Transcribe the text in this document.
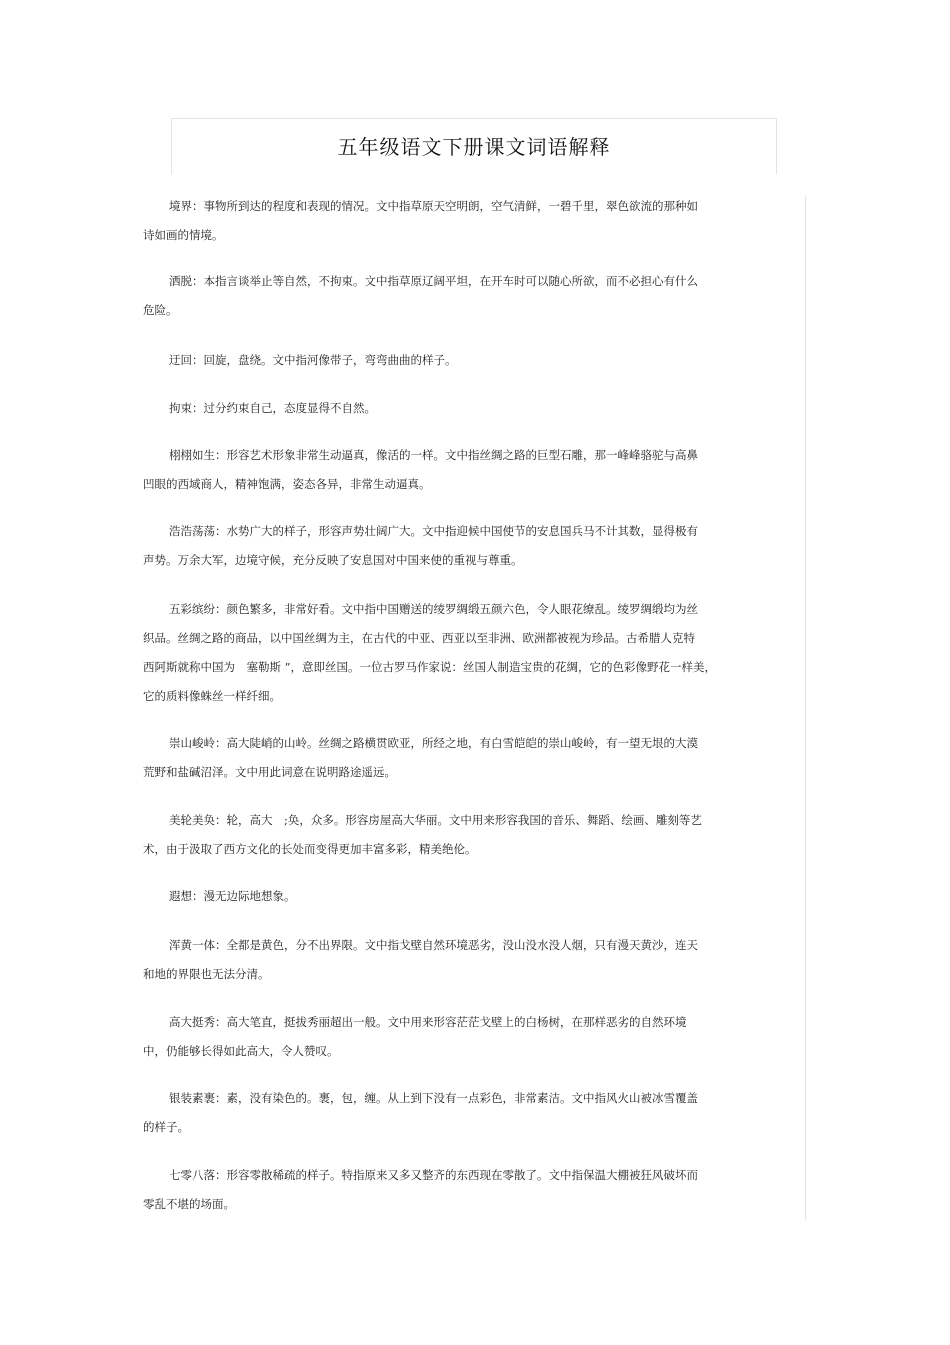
五年级语文下册课文词语解释
境界：事物所到达的程度和表现的情况。文中指草原天空明朗，空气清鲜，一碧千里，翠色欲流的那种如
诗如画的情境。
洒脱：本指言谈举止等自然，不拘束。文中指草原辽阔平坦，在开车时可以随心所欲，而不必担心有什么
危险。
迂回：回旋，盘绕。文中指河像带子，弯弯曲曲的样子。
拘束：过分约束自己，态度显得不自然。
栩栩如生：形容艺术形象非常生动逼真，像活的一样。文中指丝绸之路的巨型石雕，那一峰峰骆驼与高鼻
凹眼的西域商人，精神饱满，姿态各异，非常生动逼真。
浩浩荡荡：水势广大的样子，形容声势壮阔广大。文中指迎候中国使节的安息国兵马不计其数，显得极有
声势。万余大军，边境守候，充分反映了安息国对中国来使的重视与尊重。
五彩缤纷：颜色繁多，非常好看。文中指中国赠送的绫罗绸缎五颜六色，令人眼花缭乱。绫罗绸缎均为丝
织品。丝绸之路的商品，以中国丝绸为主，在古代的中亚、西亚以至非洲、欧洲都被视为珍品。古希腊人克特
西阿斯就称中国为　塞勒斯 ”，意即丝国。一位古罗马作家说：丝国人制造宝贵的花绸，它的色彩像野花一样美，
它的质料像蛛丝一样纤细。
崇山峻岭：高大陡峭的山岭。丝绸之路横贯欧亚，所经之地，有白雪皑皑的崇山峻岭，有一望无垠的大漠
荒野和盐碱沼泽。文中用此词意在说明路途遥远。
美轮美奂：轮，高大　;奂，众多。形容房屋高大华丽。文中用来形容我国的音乐、舞蹈、绘画、雕刻等艺
术，由于汲取了西方文化的长处而变得更加丰富多彩，精美绝伦。
遐想：漫无边际地想象。
浑黄一体：全都是黄色，分不出界限。文中指戈壁自然环境恶劣，没山没水没人烟，只有漫天黄沙，连天
和地的界限也无法分清。
高大挺秀：高大笔直，挺拔秀丽超出一般。文中用来形容茫茫戈壁上的白杨树，在那样恶劣的自然环境
中，仍能够长得如此高大，令人赞叹。
银装素裹：素，没有染色的。裹，包，缠。从上到下没有一点彩色，非常素洁。文中指风火山被冰雪覆盖
的样子。
七零八落：形容零散稀疏的样子。特指原来又多又整齐的东西现在零散了。文中指保温大棚被狂风破坏而
零乱不堪的场面。
